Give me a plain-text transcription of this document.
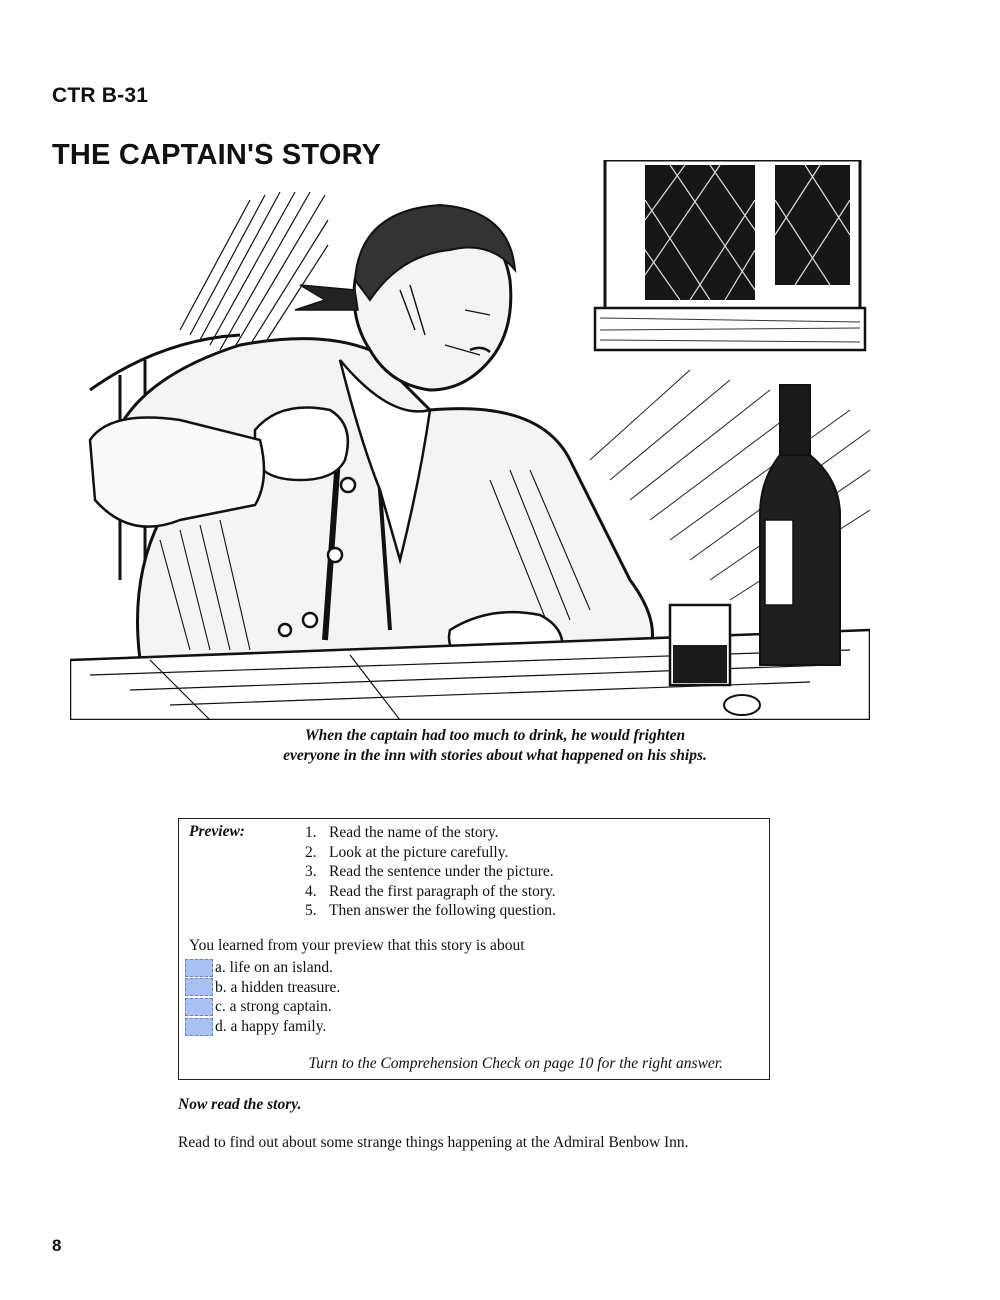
CTR B-31
THE CAPTAIN'S STORY
When the captain had too much to drink, he would frighten
everyone in the inn with stories about what happened on his ships.
Preview:	1. Read the name of the story.
2. Look at the picture carefully.
3. Read the sentence under the picture.
4. Read the first paragraph of the story.
5. Then answer the following question.
You learned from your preview that this story is about
a.
life on an island.
b.
a hidden treasure.
c.
a strong captain.
d.
a happy family.
Turn to the Comprehension Check on page 10 for the right answer.
Now read the story.
Read to find out about some strange things happening at the Admiral Benbow Inn.
8
